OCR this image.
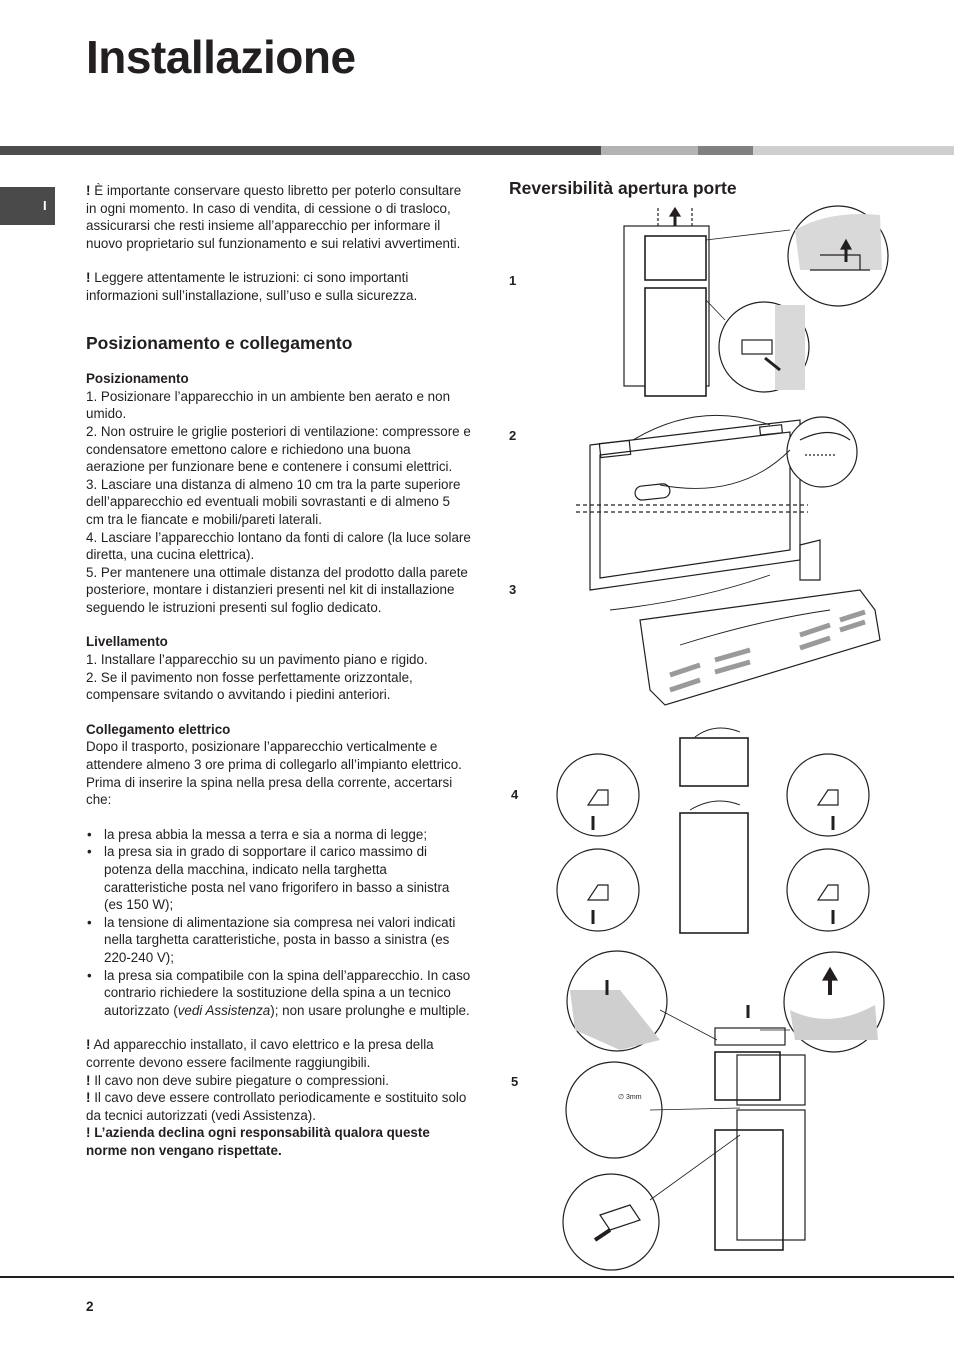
Installazione
I

! È importante conservare questo libretto per poterlo consultare in ogni momento. In caso di vendita, di cessione o di trasloco, assicurarsi che resti insieme all’apparecchio per informare il nuovo proprietario sul funzionamento e sui relativi avvertimenti.

! Leggere attentamente le istruzioni: ci sono importanti informazioni sull’installazione, sull’uso e sulla sicurezza.

Posizionamento e collegamento
Posizionamento

1. Posizionare l’apparecchio in un ambiente ben aerato e non umido.

2. Non ostruire le griglie posteriori di ventilazione: compressore e condensatore emettono calore e richiedono una buona aerazione per funzionare bene e contenere i consumi elettrici.

3. Lasciare una distanza di almeno 10 cm tra la parte superiore dell’apparecchio ed eventuali mobili sovrastanti e di almeno 5 cm tra le fiancate e mobili/pareti laterali.

4. Lasciare l’apparecchio lontano da fonti di calore (la luce solare diretta, una cucina elettrica).

5. Per mantenere una ottimale distanza del prodotto dalla parete posteriore, montare i distanzieri presenti nel kit di installazione seguendo le istruzioni presenti sul foglio dedicato.

Livellamento

1. Installare l’apparecchio su un pavimento piano e rigido.

2. Se il pavimento non fosse perfettamente orizzontale, compensare svitando o avvitando i piedini anteriori.

Collegamento elettrico

Dopo il trasporto, posizionare l’apparecchio verticalmente e attendere almeno 3 ore prima di collegarlo all’impianto elettrico. Prima di inserire la spina nella presa della corrente, accertarsi che:

• la presa abbia la messa a terra e sia a norma di legge;
• la presa sia in grado di sopportare il carico massimo di potenza della macchina, indicato nella targhetta caratteristiche posta nel vano frigorifero in basso a sinistra (es 150 W);
• la tensione di alimentazione sia compresa nei valori indicati nella targhetta caratteristiche, posta in basso a sinistra (es 220-240 V);
• la presa sia compatibile con la spina dell’apparecchio. In caso contrario richiedere la sostituzione della spina a un tecnico autorizzato (vedi Assistenza); non usare prolunghe e multiple.

! Ad apparecchio installato, il cavo elettrico e la presa della corrente devono essere facilmente raggiungibili.

! Il cavo non deve subire piegature o compressioni.

! Il cavo deve essere controllato periodicamente e sostituito solo da tecnici autorizzati (vedi Assistenza).

! L’azienda declina ogni responsabilità qualora queste norme non vengano rispettate.

Reversibilità apertura porte
1
2
3
4
5
∅ 3mm
2
